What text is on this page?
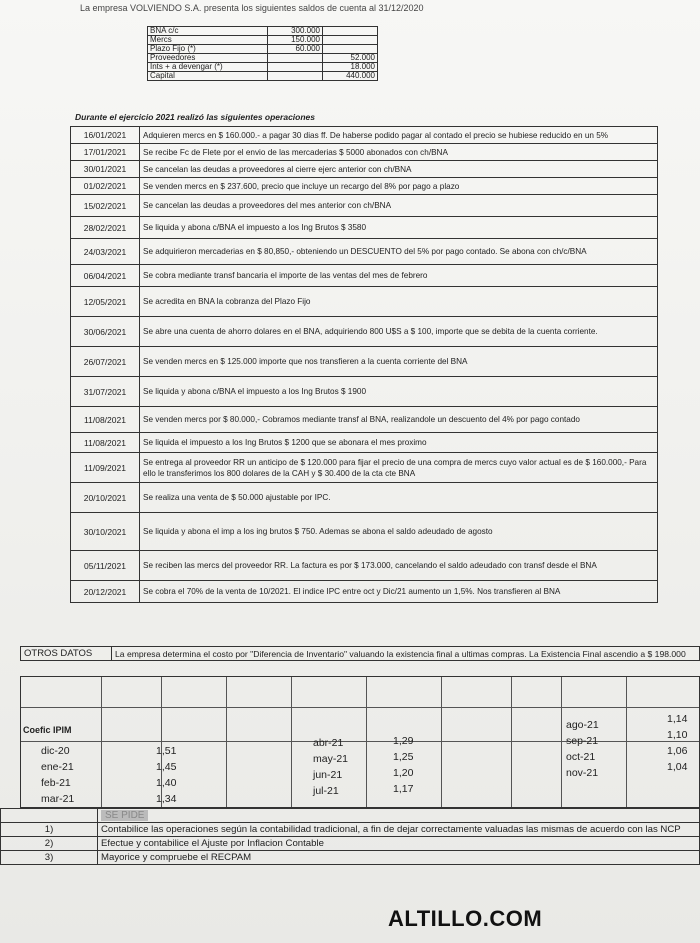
La empresa VOLVIENDO S.A. presenta los siguientes saldos de cuenta al 31/12/2020
BNA c/c	300.000	
Mercs	150.000	
Plazo Fijo (*)	60.000	
Proveedores		52.000
Ints + a devengar (*)		18.000
Capital		440.000
Durante el ejercicio 2021 realizó las siguientes operaciones
16/01/2021	Adquieren mercs en $ 160.000.- a pagar 30 dias ff. De haberse podido pagar al contado el precio se hubiese reducido en un 5%
17/01/2021	Se recibe Fc de Flete por el envio de las mercaderias $ 5000 abonados con ch/BNA
30/01/2021	Se cancelan las deudas a proveedores al cierre ejerc anterior con ch/BNA
01/02/2021	Se venden mercs en $ 237.600, precio que incluye un recargo del 8% por pago a plazo
15/02/2021	Se cancelan las deudas a proveedores del mes anterior con ch/BNA
28/02/2021	Se liquida y abona c/BNA el impuesto a los Ing Brutos $ 3580
24/03/2021	Se adquirieron mercaderias en $ 80,850,- obteniendo un DESCUENTO del 5% por pago contado. Se abona con ch/c/BNA
06/04/2021	Se cobra mediante transf bancaria el importe de las ventas del mes de febrero
12/05/2021	Se acredita en BNA la cobranza del Plazo Fijo
30/06/2021	Se abre una cuenta de ahorro dolares en el BNA, adquiriendo 800 U$S a $ 100, importe que se debita de la cuenta corriente.
26/07/2021	Se venden mercs en $ 125.000 importe que nos transfieren a la cuenta corriente del BNA
31/07/2021	Se liquida y abona c/BNA el impuesto a los Ing Brutos $ 1900
11/08/2021	Se venden mercs por $ 80.000,- Cobramos mediante transf al BNA, realizandole un descuento del 4% por pago contado
11/08/2021	Se liquida el impuesto a los Ing Brutos $ 1200 que se abonara el mes proximo
11/09/2021	Se entrega al proveedor RR un anticipo de $ 120.000 para fijar el precio de una compra de mercs cuyo valor actual es de $ 160.000,- Para ello le transferimos los 800 dolares de la CAH y $ 30.400 de la cta cte BNA
20/10/2021	Se realiza una venta de $ 50.000 ajustable por IPC.
30/10/2021	Se liquida y abona el imp a los ing brutos $ 750. Ademas se abona el saldo adeudado de agosto
05/11/2021	Se reciben las mercs del proveedor RR. La factura es por $ 173.000, cancelando el saldo adeudado con transf desde el BNA
20/12/2021	Se cobra el 70% de la venta de 10/2021. El indice IPC entre oct y Dic/21 aumento un 1,5%. Nos transfieren al BNA
OTROS DATOS	La empresa determina el costo por "Diferencia de Inventario" valuando la existencia final a ultimas compras. La Existencia Final ascendio a $ 198.000
Coefic IPIM
dic-20	1,51
abr-21	1,29
ago-21	1,14
ene-21	1,45
may-21	1,25
sep-21	1,10
feb-21	1,40
jun-21	1,20
oct-21	1,06
mar-21	1,34
jul-21	1,17
nov-21	1,04
	SE PIDE
1)	Contabilice las operaciones según la contabilidad tradicional, a fin de dejar correctamente valuadas las mismas de acuerdo con las NCP
2)	Efectue y contabilice el Ajuste por Inflacion Contable
3)	Mayorice y compruebe el RECPAM
ALTILLO.COM
